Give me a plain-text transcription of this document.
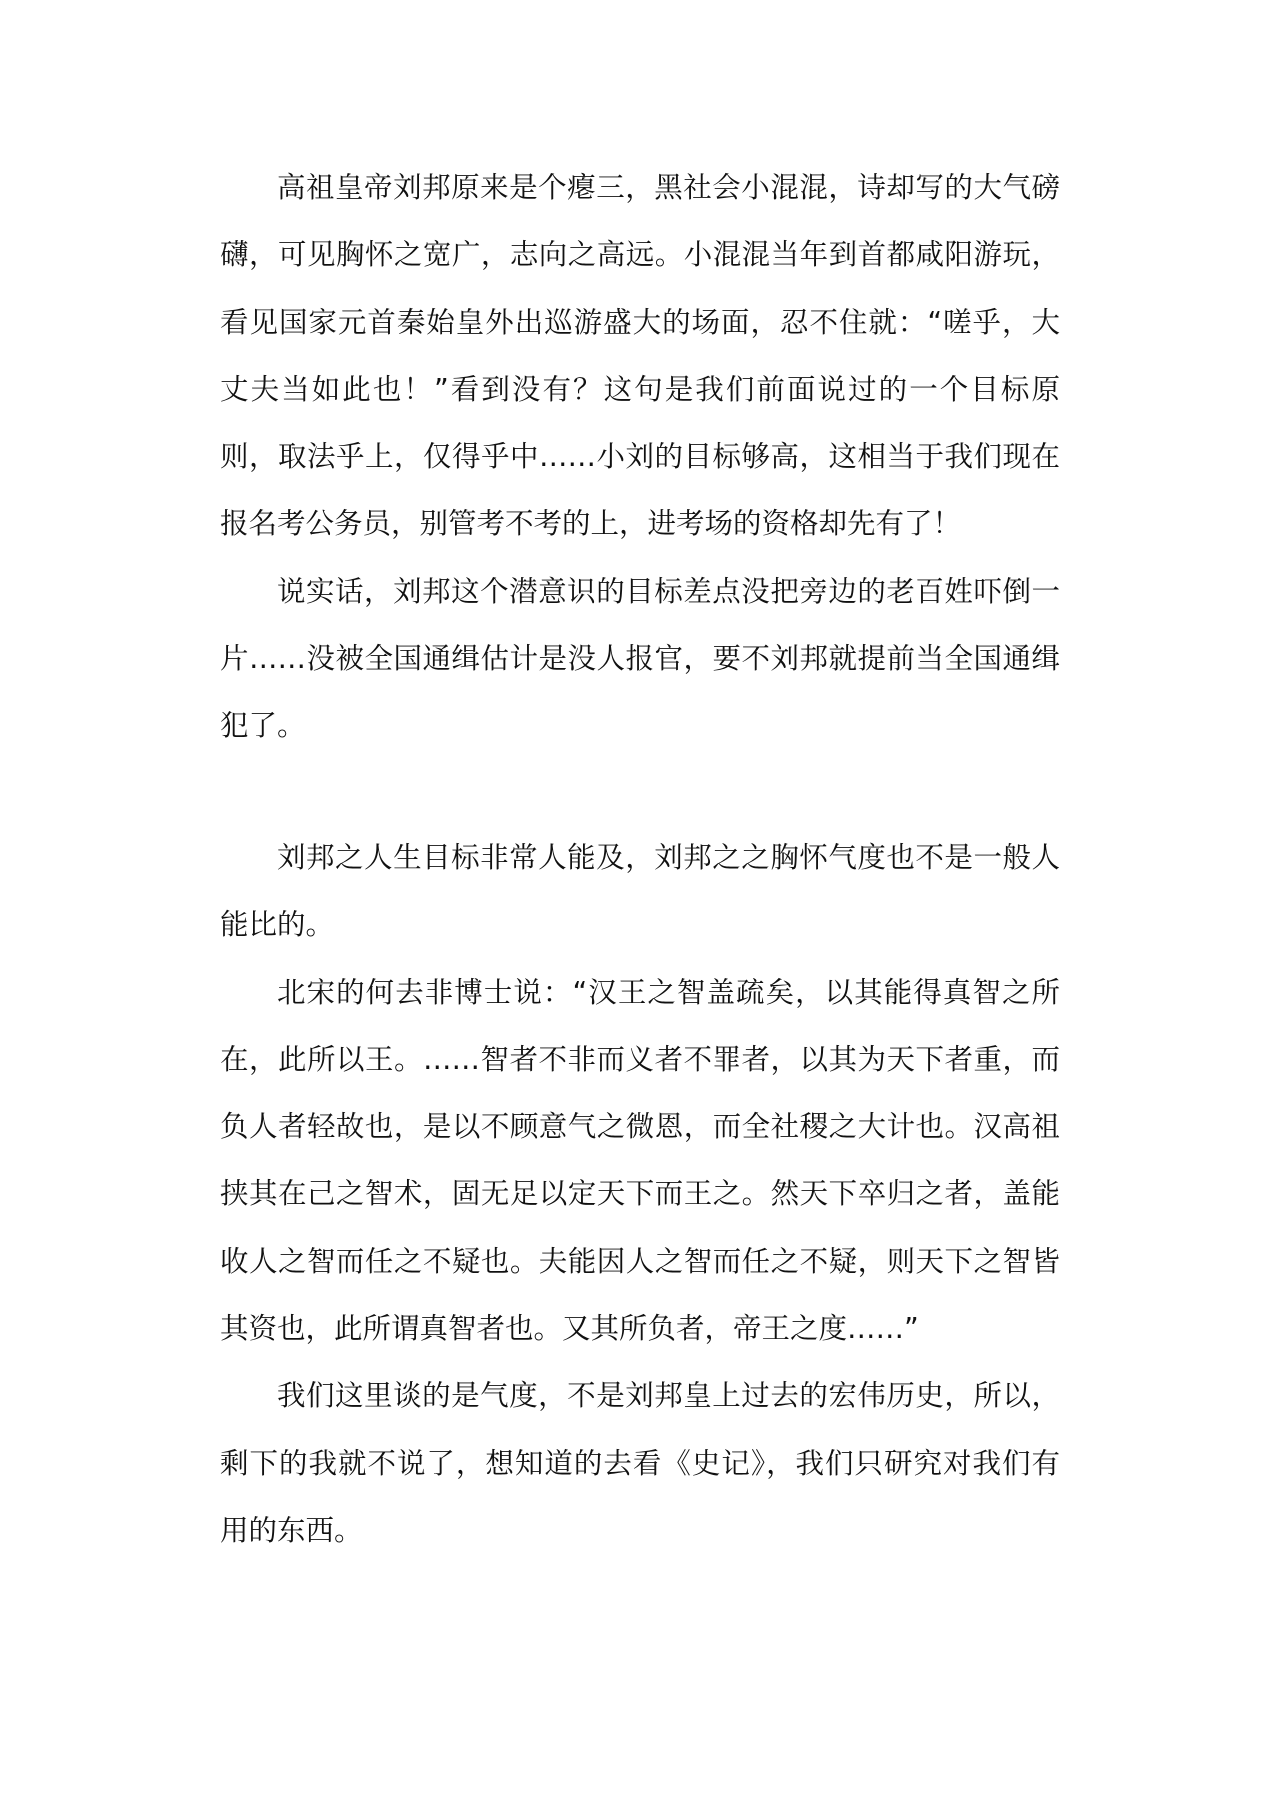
高祖皇帝刘邦原来是个瘪三，黑社会小混混，诗却写的大气磅礴，可见胸怀之宽广，志向之高远。小混混当年到首都咸阳游玩，看见国家元首秦始皇外出巡游盛大的场面，忍不住就：“嗟乎，大丈夫当如此也！”看到没有？这句是我们前面说过的一个目标原则，取法乎上，仅得乎中……小刘的目标够高，这相当于我们现在报名考公务员，别管考不考的上，进考场的资格却先有了！

说实话，刘邦这个潜意识的目标差点没把旁边的老百姓吓倒一片……没被全国通缉估计是没人报官，要不刘邦就提前当全国通缉犯了。

刘邦之人生目标非常人能及，刘邦之之胸怀气度也不是一般人能比的。

北宋的何去非博士说：“汉王之智盖疏矣，以其能得真智之所在，此所以王。……智者不非而义者不罪者，以其为天下者重，而负人者轻故也，是以不顾意气之微恩，而全社稷之大计也。汉高祖挟其在己之智术，固无足以定天下而王之。然天下卒归之者，盖能收人之智而任之不疑也。夫能因人之智而任之不疑，则天下之智皆其资也，此所谓真智者也。又其所负者，帝王之度……”

我们这里谈的是气度，不是刘邦皇上过去的宏伟历史，所以，剩下的我就不说了，想知道的去看《史记》，我们只研究对我们有用的东西。
